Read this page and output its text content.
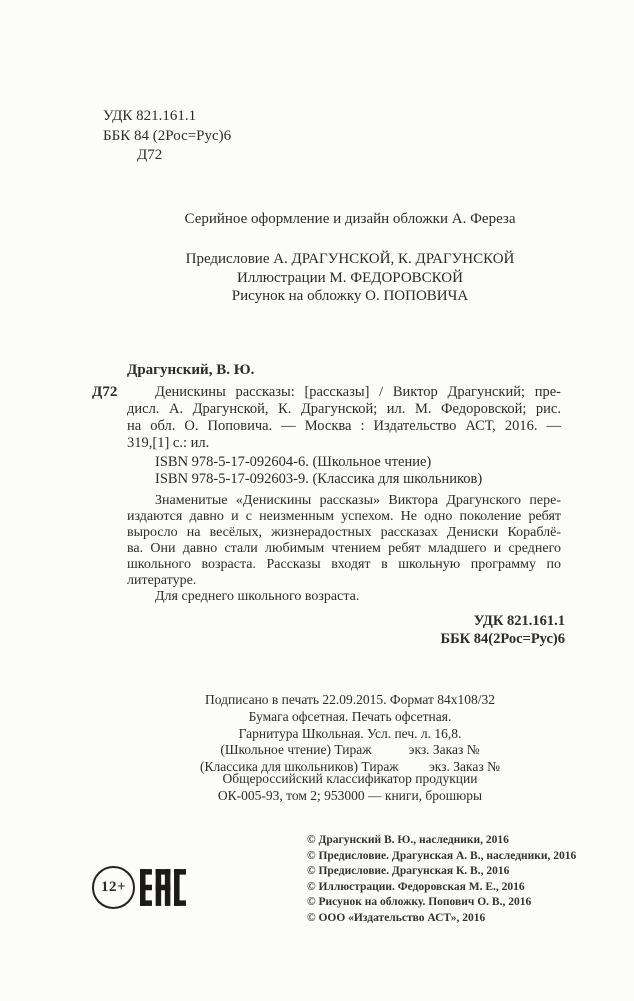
УДК 821.161.1
ББК 84 (2Рос=Рус)6
Д72
Серийное оформление и дизайн обложки А. Фереза
Предисловие А. ДРАГУНСКОЙ, К. ДРАГУНСКОЙ
Иллюстрации М. ФЕДОРОВСКОЙ
Рисунок на обложку О. ПОПОВИЧА
Драгунский, В. Ю.
Д72	Денискины рассказы: [рассказы] / Виктор Драгунский; пре-
дисл. А. Драгунской, К. Драгунской; ил. М. Федоровской; рис.
на обл. О. Поповича. — Москва : Издательство АСТ, 2016. —
319,[1] с.: ил.
ISBN 978-5-17-092604-6. (Школьное чтение)
ISBN 978-5-17-092603-9. (Классика для школьников)
Знаменитые «Денискины рассказы» Виктора Драгунского пере-
издаются давно и с неизменным успехом. Не одно поколение ребят
выросло на весёлых, жизнерадостных рассказах Дениски Кораблё-
ва. Они давно стали любимым чтением ребят младшего и среднего
школьного возраста. Рассказы входят в школьную программу по
литературе.
Для среднего школьного возраста.
УДК 821.161.1
ББК 84(2Рос=Рус)6
Подписано в печать 22.09.2015. Формат 84х108/32
Бумага офсетная. Печать офсетная.
Гарнитура Школьная. Усл. печ. л. 16,8.
(Школьное чтение) Тираж           экз. Заказ №
(Классика для школьников) Тираж         экз. Заказ №
Общероссийский классификатор продукции
ОК-005-93, том 2; 953000 — книги, брошюры
© Драгунский В. Ю., наследники, 2016
© Предисловие. Драгунская А. В., наследники, 2016
© Предисловие. Драгунская К. В., 2016
© Иллюстрации. Федоровская М. Е., 2016
© Рисунок на обложку. Попович О. В., 2016
© ООО «Издательство АСТ», 2016
12+
